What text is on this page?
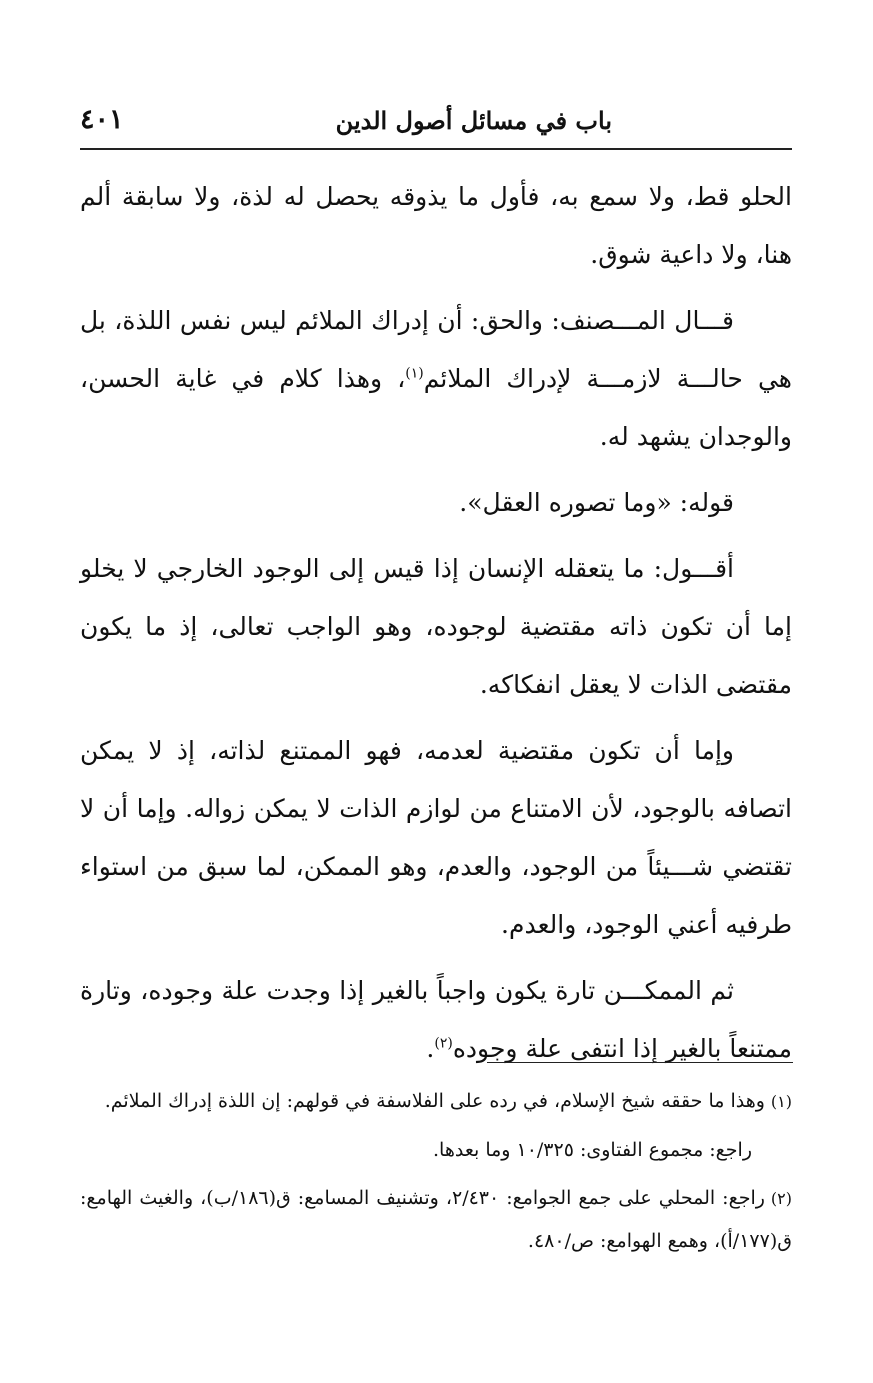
باب في مسائل أصول الدين
٤٠١

الحلو قط، ولا سمع به، فأول ما يذوقه يحصل له لذة، ولا سابقة ألم هنا، ولا داعية شوق.

قـــال المـــصنف: والحق: أن إدراك الملائم ليس نفس اللذة، بل هي حالـــة لازمـــة لإدراك الملائم$^{(١)}$، وهذا كلام في غاية الحسن، والوجدان يشهد له.

قوله: «وما تصوره العقل».

أقـــول: ما يتعقله الإنسان إذا قيس إلى الوجود الخارجي لا يخلو إما أن تكون ذاته مقتضية لوجوده، وهو الواجب تعالى، إذ ما يكون مقتضى الذات لا يعقل انفكاكه.

وإما أن تكون مقتضية لعدمه، فهو الممتنع لذاته، إذ لا يمكن اتصافه بالوجود، لأن الامتناع من لوازم الذات لا يمكن زواله. وإما أن لا تقتضي شـــيئاً من الوجود، والعدم، وهو الممكن، لما سبق من استواء طرفيه أعني الوجود، والعدم.

ثم الممكـــن تارة يكون واجباً بالغير إذا وجدت علة وجوده، وتارة ممتنعاً بالغير إذا انتفى علة وجوده$^{(٢)}$.

(١)وهذا ما حققه شيخ الإسلام، في رده على الفلاسفة في قولهم: إن اللذة إدراك الملائم.
راجع: مجموع الفتاوى: ١٠/٣٢٥ وما بعدها.
(٢)راجع: المحلي على جمع الجوامع: ٢/٤٣٠، وتشنيف المسامع: ق(١٨٦/ب)، والغيث الهامع: ق(١٧٧/أ)، وهمع الهوامع: ص/٤٨٠.
